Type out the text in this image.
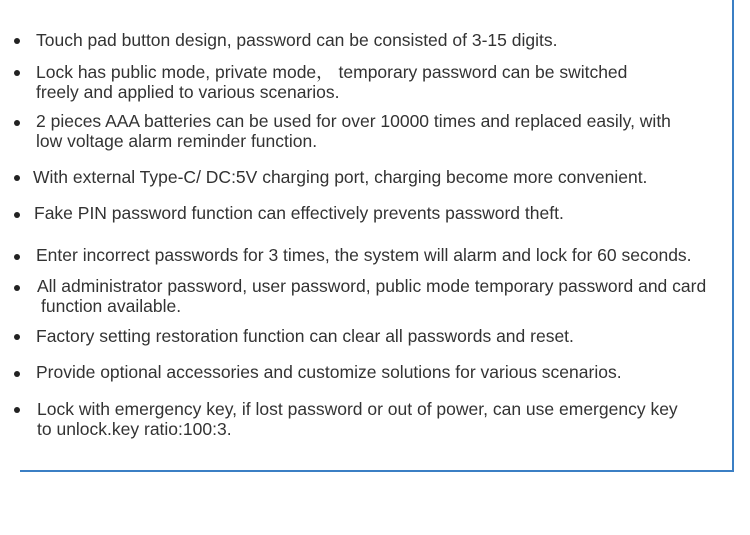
Touch pad button design, password can be consisted of 3-15 digits.
Lock has public mode, private mode， temporary password can be switched
freely and applied to various scenarios.
2 pieces AAA batteries can be used for over 10000 times and replaced easily, with
low voltage alarm reminder function.
With external Type-C/ DC:5V charging port, charging become more convenient.
Fake PIN password function can effectively prevents password theft.
Enter incorrect passwords for 3 times, the system will alarm and lock for 60 seconds.
All administrator password, user password, public mode temporary password and card
function available.
Factory setting restoration function can clear all passwords and reset.
Provide optional accessories and customize solutions for various scenarios.
Lock with emergency key, if lost password or out of power, can use emergency key
to unlock.key ratio:100:3.
